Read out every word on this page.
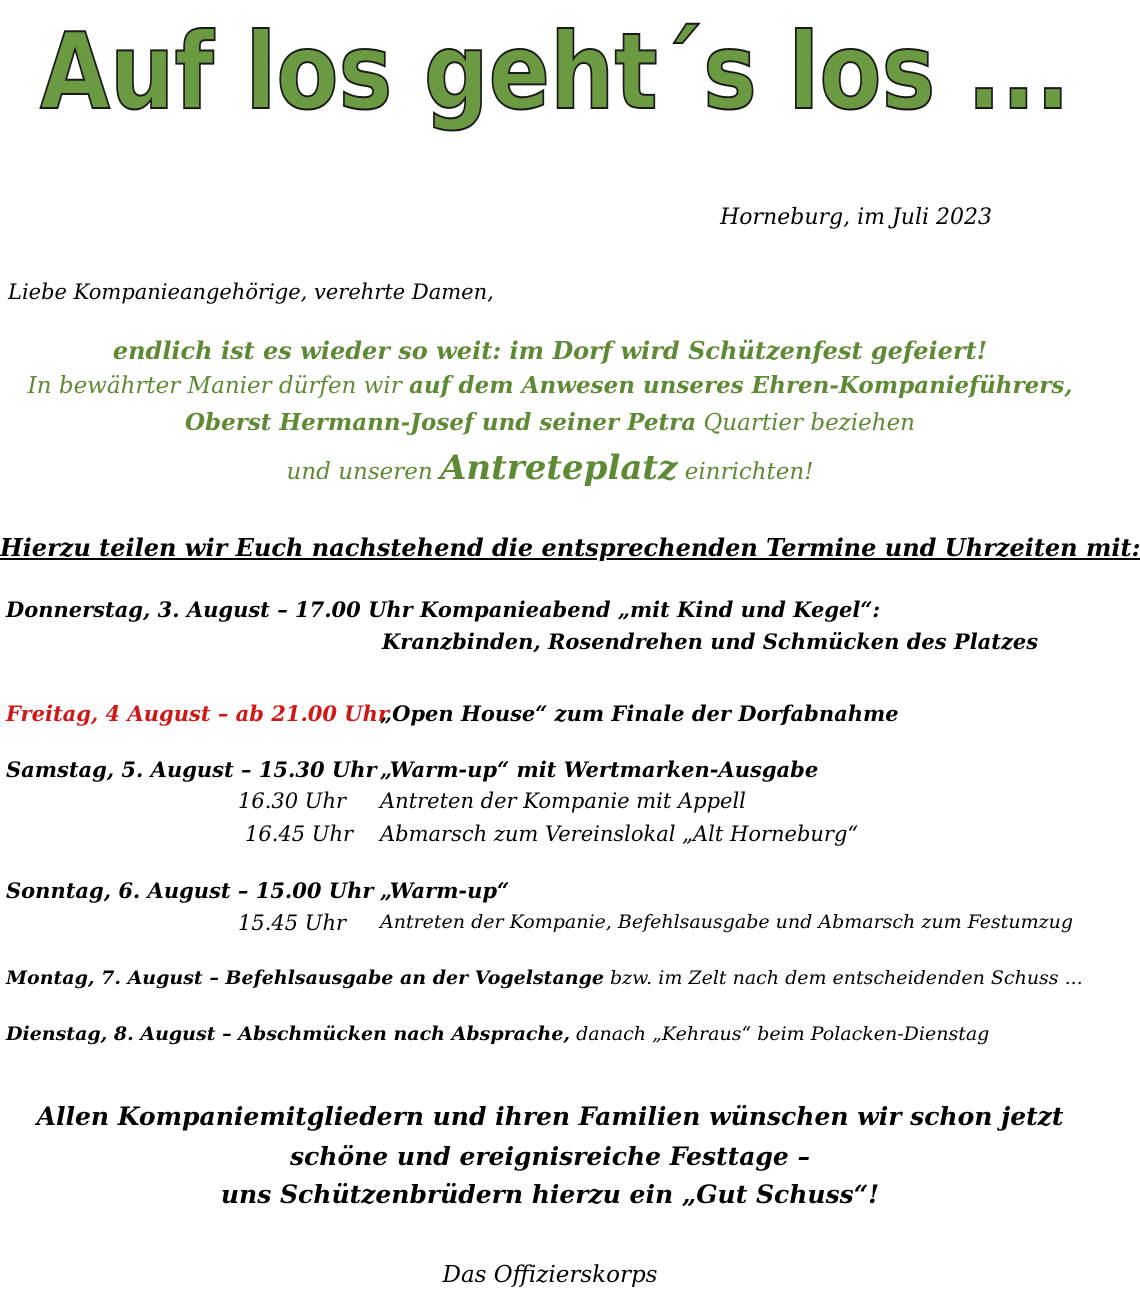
Auf los geht´s los ...
Horneburg, im Juli 2023
Liebe Kompanieangehörige, verehrte Damen,
endlich ist es wieder so weit: im Dorf wird Schützenfest gefeiert!
In bewährter Manier dürfen wir auf dem Anwesen unseres Ehren-Kompanieführers,
Oberst Hermann-Josef und seiner Petra Quartier beziehen
und unseren Antreteplatz einrichten!
Hierzu teilen wir Euch nachstehend die entsprechenden Termine und Uhrzeiten mit:
Donnerstag, 3. August – 17.00 Uhr Kompanieabend „mit Kind und Kegel“:
Kranzbinden, Rosendrehen und Schmücken des Platzes
Freitag, 4 August – ab 21.00 Uhr
„Open House“ zum Finale der Dorfabnahme
Samstag, 5. August – 15.30 Uhr „Warm-up“ mit Wertmarken-Ausgabe
16.30 Uhr Antreten der Kompanie mit Appell
16.45 Uhr Abmarsch zum Vereinslokal „Alt Horneburg“
Sonntag, 6. August – 15.00 Uhr „Warm-up“
15.45 Uhr Antreten der Kompanie, Befehlsausgabe und Abmarsch zum Festumzug
Montag, 7. August – Befehlsausgabe an der Vogelstange bzw. im Zelt nach dem entscheidenden Schuss ...
Dienstag, 8. August – Abschmücken nach Absprache, danach „Kehraus“ beim Polacken-Dienstag
Allen Kompaniemitgliedern und ihren Familien wünschen wir schon jetzt
schöne und ereignisreiche Festtage –
uns Schützenbrüdern hierzu ein „Gut Schuss“!
Das Offizierskorps
